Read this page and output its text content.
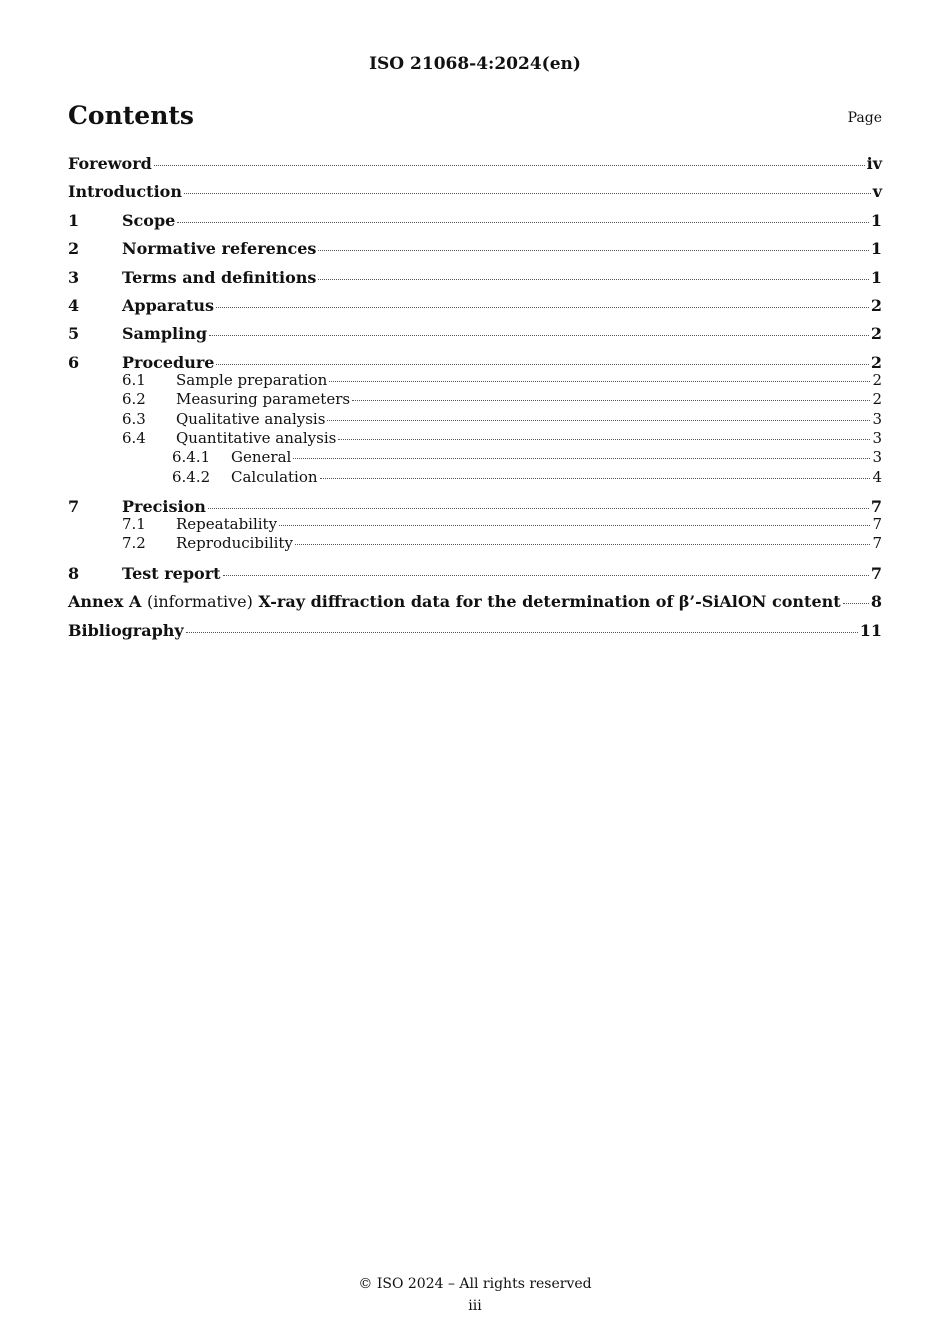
ISO 21068-4:2024(en)
Contents	Page
Foreword	iv
Introduction	v
1	Scope	1
2	Normative references	1
3	Terms and definitions	1
4	Apparatus	2
5	Sampling	2
6	Procedure	2
6.1	Sample preparation	2
6.2	Measuring parameters	2
6.3	Qualitative analysis	3
6.4	Quantitative analysis	3
6.4.1	General	3
6.4.2	Calculation	4
7	Precision	7
7.1	Repeatability	7
7.2	Reproducibility	7
8	Test report	7
Annex A (informative) X-ray diffraction data for the determination of β’-SiAlON content 8
Bibliography	11
© ISO 2024 – All rights reserved
iii
